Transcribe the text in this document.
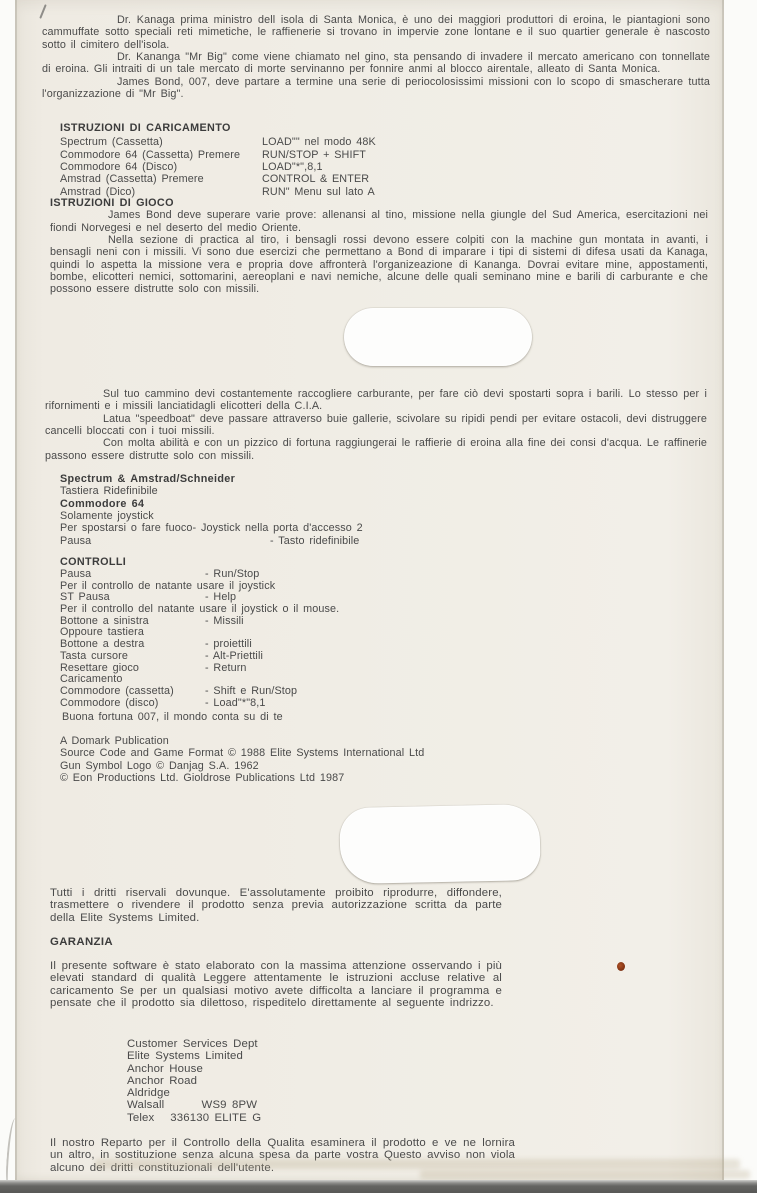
Dr. Kanaga prima ministro dell isola di Santa Monica, è uno dei maggiori produttori di eroina, le piantagioni sono cammuffate sotto speciali reti mimetiche, le raffienerie si trovano in impervie zone lontane e il suo quartier generale è nascosto sotto il cimitero dell'isola.

Dr. Kananga "Mr Big" come viene chiamato nel gino, sta pensando di invadere il mercato americano con tonnellate di eroina. Gli intraiti di un tale mercato di morte servinanno per fonnire anmi al blocco airentale, alleato di Santa Monica.

James Bond, 007, deve partare a termine una serie di periocolosissimi missioni con lo scopo di smascherare tutta l'organizzazione di "Mr Big".

ISTRUZIONI DI CARICAMENTO
Spectrum (Cassetta)	LOAD"" nel modo 48K
Commodore 64 (Cassetta) Premere	RUN/STOP + SHIFT
Commodore 64 (Disco)	LOAD"*",8,1
Amstrad (Cassetta) Premere	CONTROL & ENTER
Amstrad (Dico)	RUN" Menu sul lato A
ISTRUZIONI DI GIOCO

James Bond deve superare varie prove: allenansi al tino, missione nella giungle del Sud America, esercitazioni nei fiondi Norvegesi e nel deserto del medio Oriente.

Nella sezione di practica al tiro, i bensagli rossi devono essere colpiti con la machine gun montata in avanti, i bensagli neni con i missili. Vi sono due esercizi che permettano a Bond di imparare i tipi di sistemi di difesa usati da Kanaga, quindi lo aspetta la missione vera e propria dove affronterà l'organizeazione di Kananga. Dovrai evitare mine, appostamenti, bombe, elicotteri nemici, sottomarini, aereoplani e navi nemiche, alcune delle quali seminano mine e barili di carburante e che possono essere distrutte solo con missili.

Sul tuo cammino devi costantemente raccogliere carburante, per fare ciò devi spostarti sopra i barili. Lo stesso per i rifornimenti e i missili lanciatidagli elicotteri della C.I.A.

Latua "speedboat" deve passare attraverso buie gallerie, scivolare su ripidi pendi per evitare ostacoli, devi distruggere cancelli bloccati con i tuoi missili.

Con molta abilità e con un pizzico di fortuna raggiungerai le raffierie di eroina alla fine dei consi d'acqua. Le raffinerie passono essere distrutte solo con missili.

Spectrum & Amstrad/Schneider
Tastiera Ridefinibile
Commodore 64
Solamente joystick
Per spostarsi o fare fuoco- Joystick nella porta d'accesso 2
Pausa	- Tasto ridefinibile
CONTROLLI
Pausa	- Run/Stop
Per il controllo de natante usare il joystick
ST Pausa	- Help
Per il controllo del natante usare il joystick o il mouse.
Bottone a sinistra	- Missili
Oppoure tastiera
Bottone a destra	- proiettili
Tasta cursore	- Alt-Priettili
Resettare gioco	- Return
Caricamento
Commodore (cassetta)	- Shift e Run/Stop
Commodore (disco)	- Load"*"8,1
Buona fortuna 007, il mondo conta su di te
A Domark Publication
Source Code and Game Format © 1988 Elite Systems International Ltd
Gun Symbol Logo © Danjag S.A. 1962
© Eon Productions Ltd. Gioldrose Publications Ltd 1987
Tutti i dritti riservali dovunque. E'assolutamente proibito riprodurre, diffondere, trasmettere o rivendere il prodotto senza previa autorizzazione scritta da parte della Elite Systems Limited.
GARANZIA
Il presente software è stato elaborato con la massima attenzione osservando i più elevati standard di qualità Leggere attentamente le istruzioni accluse relative al caricamento Se per un qualsiasi motivo avete difficolta a lanciare il programma e pensate che il prodotto sia dilettoso, rispeditelo direttamente al seguente indrizzo.
Customer Services Dept
Elite Systems Limited
Anchor House
Anchor Road
Aldridge
Walsall       WS9 8PW
Telex   336130 ELITE G
Il nostro Reparto per il Controllo della Qualita esaminera il prodotto e ve ne lornira un altro, in sostituzione senza alcuna spesa da parte vostra Questo avviso non viola alcuno dei dritti constituzionali dell'utente.
